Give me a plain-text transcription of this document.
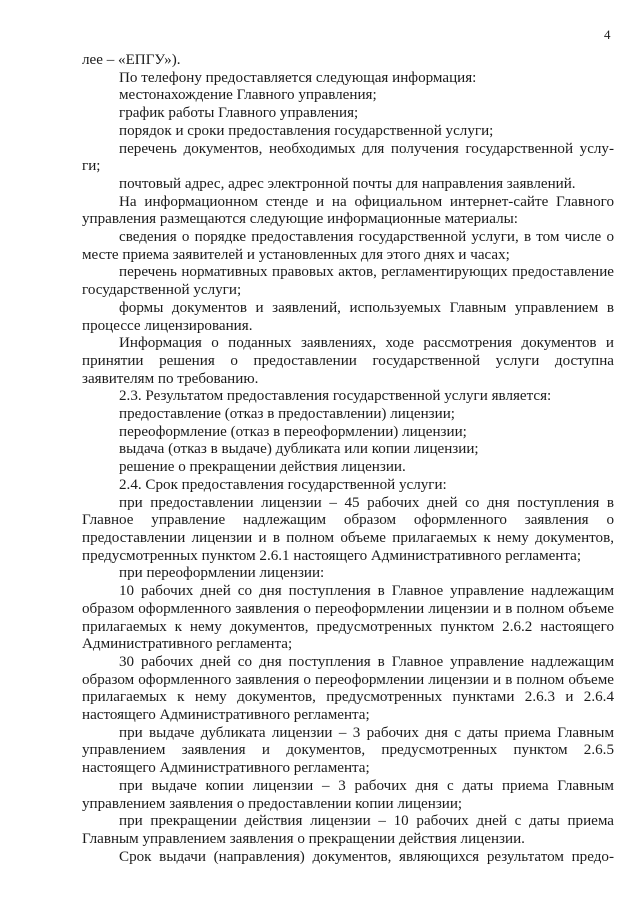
4

лее – «ЕПГУ»).

По телефону предоставляется следующая информация:

местонахождение Главного управления;

график работы Главного управления;

порядок и сроки предоставления государственной услуги;

перечень документов, необходимых для получения государственной услу-

ги;

почтовый адрес, адрес электронной почты для направления заявлений.

На информационном стенде и на официальном интернет-сайте Главного управления размещаются следующие информационные материалы:

сведения о порядке предоставления государственной услуги, в том числе о месте приема заявителей и установленных для этого днях и часах;

перечень нормативных правовых актов, регламентирующих предоставление государственной услуги;

формы документов и заявлений, используемых Главным управлением в процессе лицензирования.

Информация о поданных заявлениях, ходе рассмотрения документов и принятии решения о предоставлении государственной услуги доступна заявителям по требованию.

2.3. Результатом предоставления государственной услуги является:

предоставление (отказ в предоставлении) лицензии;

переоформление (отказ в переоформлении) лицензии;

выдача (отказ в выдаче) дубликата или копии лицензии;

решение о прекращении действия лицензии.

2.4. Срок предоставления государственной услуги:

при предоставлении лицензии – 45 рабочих дней со дня поступления в Главное управление надлежащим образом оформленного заявления о предоставлении лицензии и в полном объеме прилагаемых к нему документов, предусмотренных пунктом 2.6.1 настоящего Административного регламента;

при переоформлении лицензии:

10 рабочих дней со дня поступления в Главное управление надлежащим образом оформленного заявления о переоформлении лицензии и в полном объеме прилагаемых к нему документов, предусмотренных пунктом 2.6.2 настоящего Административного регламента;

30 рабочих дней со дня поступления в Главное управление надлежащим образом оформленного заявления о переоформлении лицензии и в полном объеме прилагаемых к нему документов, предусмотренных пунктами 2.6.3 и 2.6.4 настоящего Административного регламента;

при выдаче дубликата лицензии – 3 рабочих дня с даты приема Главным управлением заявления и документов, предусмотренных пунктом 2.6.5 настоящего Административного регламента;

при выдаче копии лицензии – 3 рабочих дня с даты приема Главным управлением заявления о предоставлении копии лицензии;

при прекращении действия лицензии – 10 рабочих дней с даты приема Главным управлением заявления о прекращении действия лицензии.

Срок выдачи (направления) документов, являющихся результатом предо-
